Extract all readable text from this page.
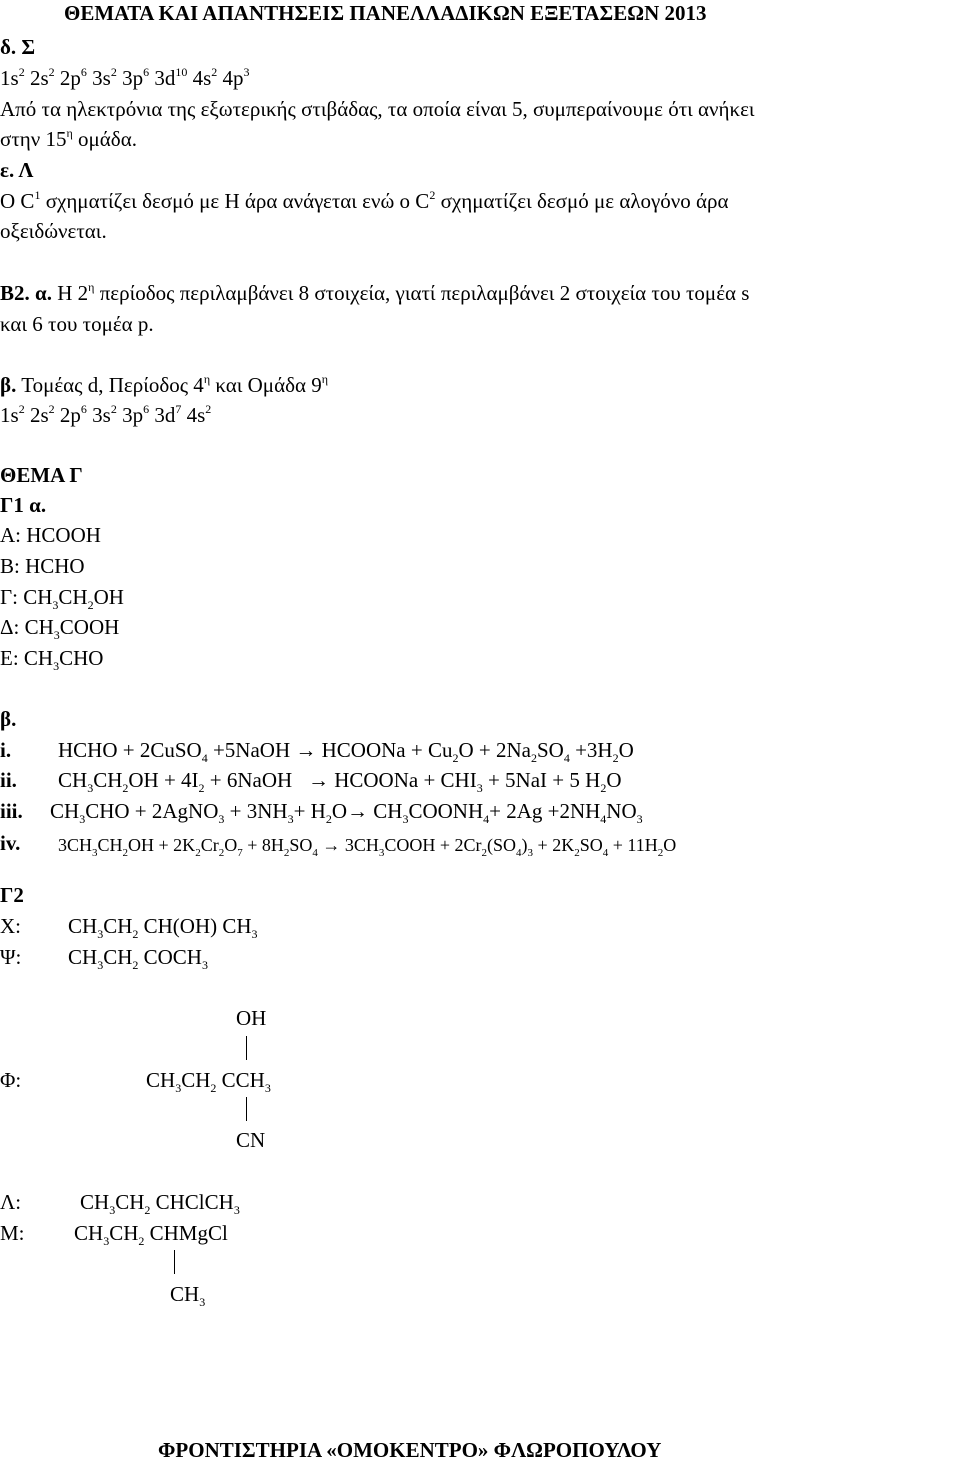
ΘΕΜΑΤΑ ΚΑΙ ΑΠΑΝΤΗΣΕΙΣ ΠΑΝΕΛΛΑΔΙΚΩΝ ΕΞΕΤΑΣΕΩΝ 2013
δ. Σ
$1s^2$ $2s^2$ $2p^6$ $3s^2$ $3p^6$ $3d^{10}$ $4s^2$ $4p^3$
Από τα ηλεκτρόνια της εξωτερικής στιβάδας, τα οποία είναι 5, συμπεραίνουμε ότι ανήκει
στην $15^\eta$ ομάδα.
ε. Λ
Ο $C^1$ σχηματίζει δεσμό με Η άρα ανάγεται ενώ ο $C^2$ σχηματίζει δεσμό με αλογόνο άρα
οξειδώνεται.
Β2. α. Η $2^\eta$ περίοδος περιλαμβάνει 8 στοιχεία, γιατί περιλαμβάνει 2 στοιχεία του τομέα s
και 6 του τομέα p.
β. Τομέας d, Περίοδος $4^\eta$ και Ομάδα $9^\eta$
$1s^2$ $2s^2$ $2p^6$ $3s^2$ $3p^6$ $3d^7$ $4s^2$
ΘΕΜΑ Γ
Γ1 α.
Α: HCOOH
Β: HCHO
Γ: $CH_3CH_2OH$
Δ: $CH_3COOH$
Ε: $CH_3CHO$
β.
i. HCHO + 2CuSO$_4$ +5NaOH → HCOONa + $Cu_2O + 2Na_2SO_4 +3H_2O$
ii. $CH_3CH_2OH + 4I_2$ + 6NaOH   → HCOONa + $CHI_3 + 5NaI + 5$ $H_2O$
iii. $CH_3CHO$ + 2AgNO$_3$ + $3NH_3+ H_2O\to$ $CH_3COONH_4+ 2Ag +2NH_4NO_3$
iv. $3CH_3CH_2OH + 2K_2Cr_2O_7 + 8H_2SO_4$ → $3CH_3COOH + 2Cr_2(SO_4)_3 + 2K_2SO_4 + 11H_2O$
Γ2
Χ: $CH_3CH_2$ CH(OH) $CH_3$
Ψ: $CH_3CH_2$ $COCH_3$
OH
Φ:	$CH_3CH_2$ $CCH_3$
CN
Λ:	$CH_3CH_2$ CHClCH$_3$
Μ: $CH_3CH_2$ CHMgCl
$CH_3$
ΦΡΟΝΤΙΣΤΗΡΙΑ «ΟΜΟΚΕΝΤΡΟ» ΦΛΩΡΟΠΟΥΛΟΥ
